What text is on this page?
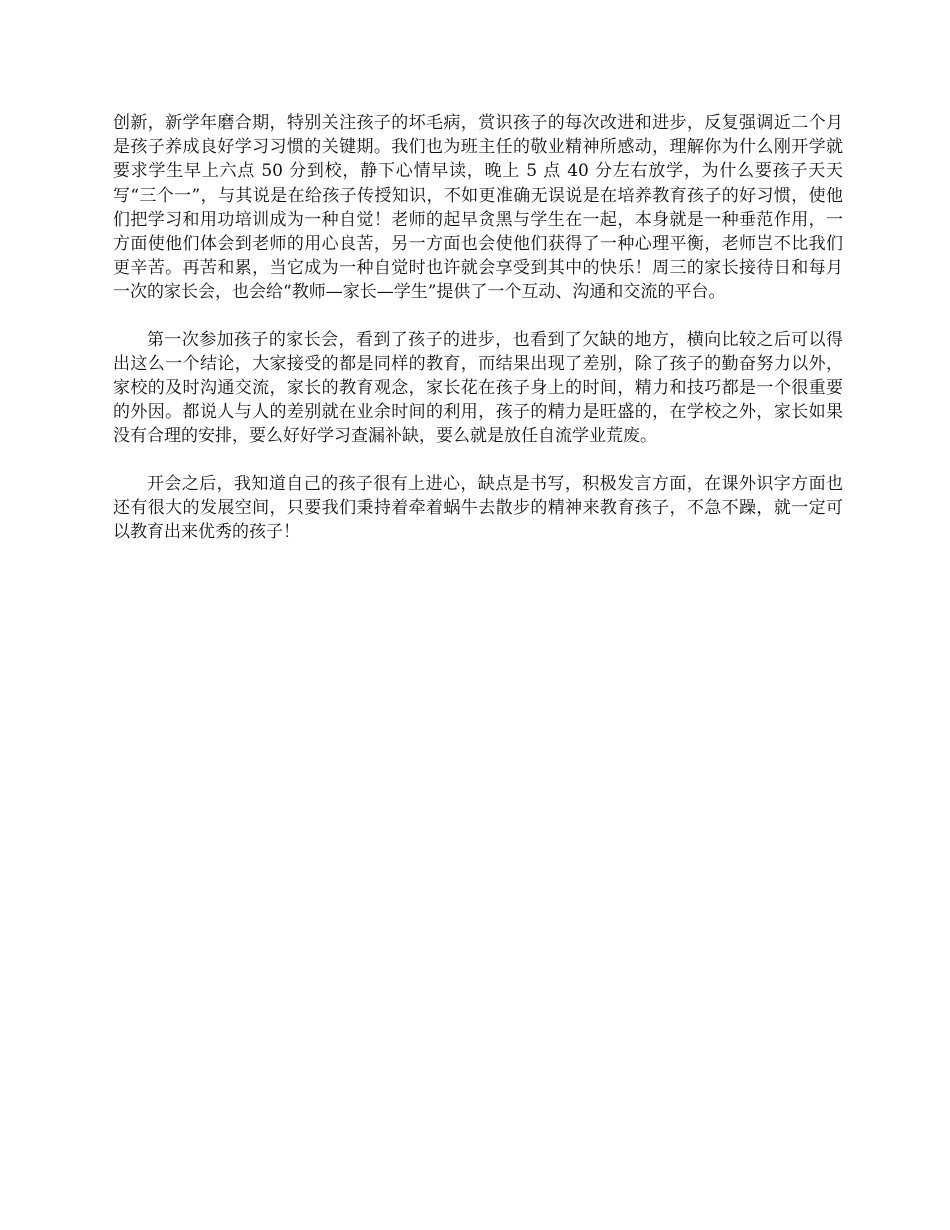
创新，新学年磨合期，特别关注孩子的坏毛病，赏识孩子的每次改进和进步，反复强调近二个月是孩子养成良好学习习惯的关键期。我们也为班主任的敬业精神所感动，理解你为什么刚开学就要求学生早上六点 50 分到校，静下心情早读，晚上 5 点 40 分左右放学，为什么要孩子天天写“三个一”，与其说是在给孩子传授知识，不如更准确无误说是在培养教育孩子的好习惯，使他们把学习和用功培训成为一种自觉！老师的起早贪黑与学生在一起，本身就是一种垂范作用，一方面使他们体会到老师的用心良苦，另一方面也会使他们获得了一种心理平衡，老师岂不比我们更辛苦。再苦和累，当它成为一种自觉时也许就会享受到其中的快乐！周三的家长接待日和每月一次的家长会，也会给“教师—家长—学生”提供了一个互动、沟通和交流的平台。

第一次参加孩子的家长会，看到了孩子的进步，也看到了欠缺的地方，横向比较之后可以得出这么一个结论，大家接受的都是同样的教育，而结果出现了差别，除了孩子的勤奋努力以外，家校的及时沟通交流，家长的教育观念，家长花在孩子身上的时间，精力和技巧都是一个很重要的外因。都说人与人的差别就在业余时间的利用，孩子的精力是旺盛的，在学校之外，家长如果没有合理的安排，要么好好学习查漏补缺，要么就是放任自流学业荒废。

开会之后，我知道自己的孩子很有上进心，缺点是书写，积极发言方面，在课外识字方面也还有很大的发展空间，只要我们秉持着牵着蜗牛去散步的精神来教育孩子，不急不躁，就一定可以教育出来优秀的孩子！
